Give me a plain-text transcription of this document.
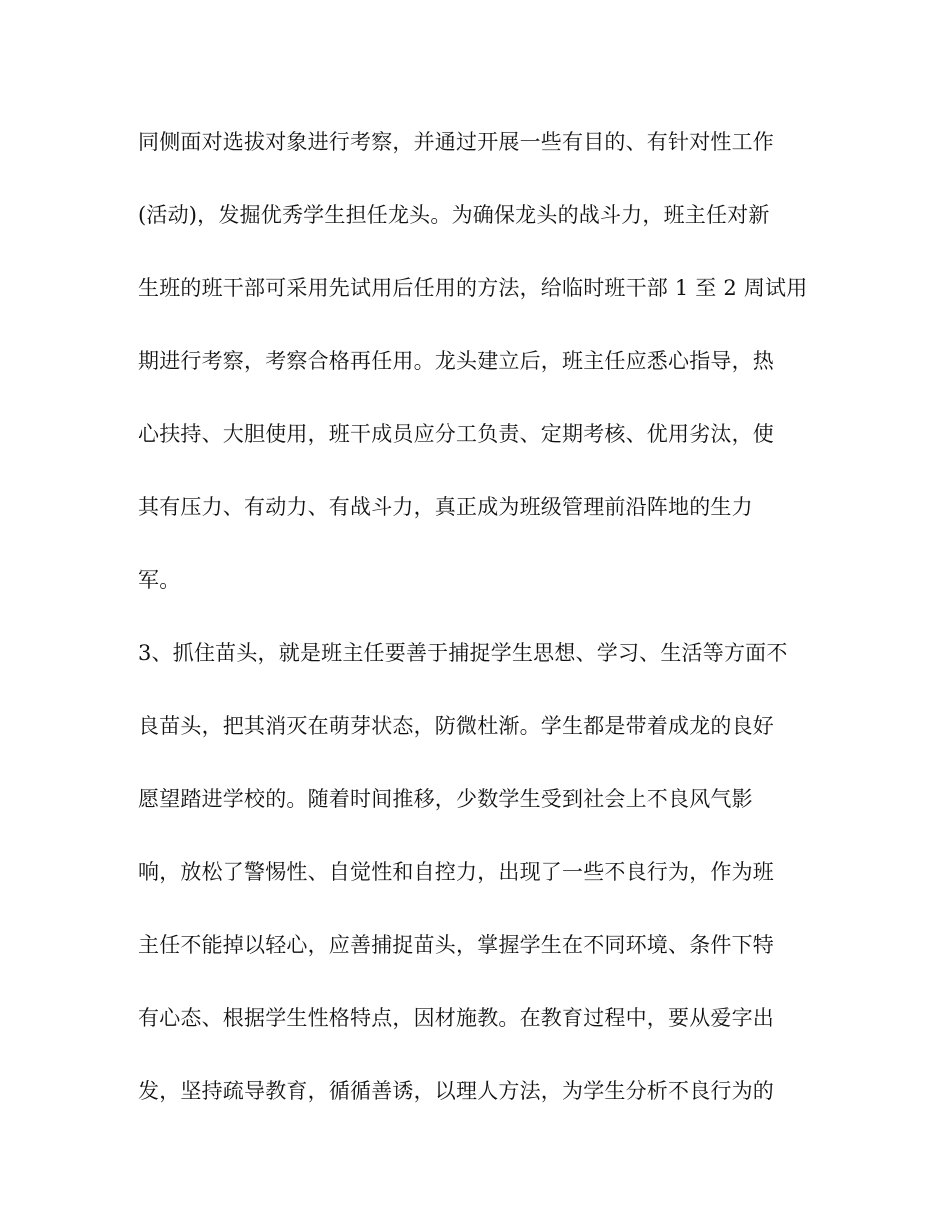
同侧面对选拔对象进行考察，并通过开展一些有目的、有针对性工作
(活动)，发掘优秀学生担任龙头。为确保龙头的战斗力，班主任对新
生班的班干部可采用先试用后任用的方法，给临时班干部 1 至 2 周试用
期进行考察，考察合格再任用。龙头建立后，班主任应悉心指导，热
心扶持、大胆使用，班干成员应分工负责、定期考核、优用劣汰，使
其有压力、有动力、有战斗力，真正成为班级管理前沿阵地的生力
军。
3、抓住苗头，就是班主任要善于捕捉学生思想、学习、生活等方面不
良苗头，把其消灭在萌芽状态，防微杜渐。学生都是带着成龙的良好
愿望踏进学校的。随着时间推移，少数学生受到社会上不良风气影
响，放松了警惕性、自觉性和自控力，出现了一些不良行为，作为班
主任不能掉以轻心，应善捕捉苗头，掌握学生在不同环境、条件下特
有心态、根据学生性格特点，因材施教。在教育过程中，要从爱字出
发，坚持疏导教育，循循善诱，以理人方法，为学生分析不良行为的
